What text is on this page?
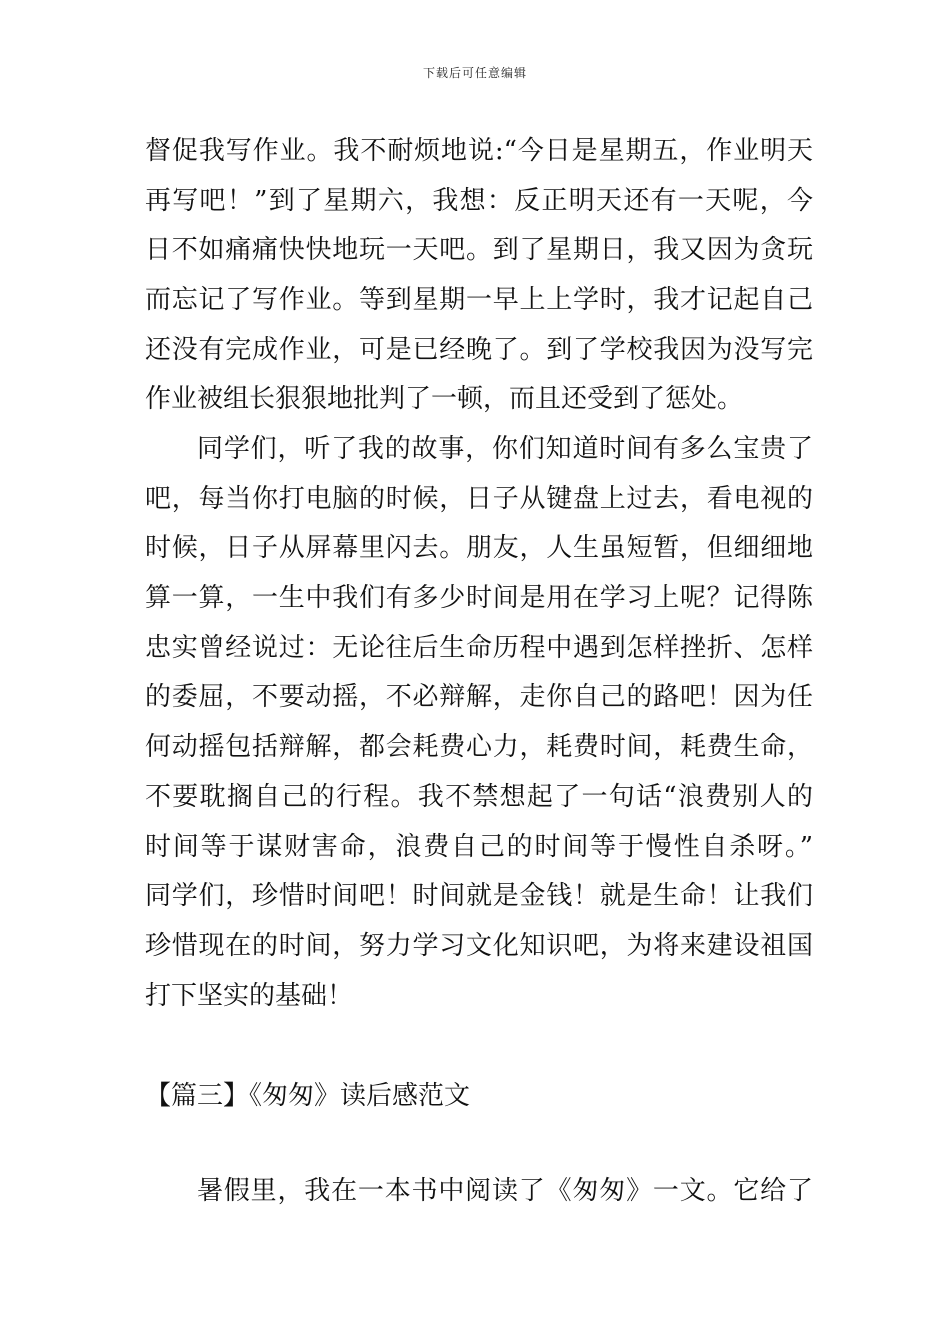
下载后可任意编辑
督促我写作业。我不耐烦地说:“今日是星期五，作业明天
再写吧！”到了星期六，我想：反正明天还有一天呢，今
日不如痛痛快快地玩一天吧。到了星期日，我又因为贪玩
而忘记了写作业。等到星期一早上上学时，我才记起自己
还没有完成作业，可是已经晚了。到了学校我因为没写完
作业被组长狠狠地批判了一顿，而且还受到了惩处。
同学们，听了我的故事，你们知道时间有多么宝贵了
吧，每当你打电脑的时候，日子从键盘上过去，看电视的
时候，日子从屏幕里闪去。朋友，人生虽短暂，但细细地
算一算，一生中我们有多少时间是用在学习上呢？记得陈
忠实曾经说过：无论往后生命历程中遇到怎样挫折、怎样
的委屈，不要动摇，不必辩解，走你自己的路吧！因为任
何动摇包括辩解，都会耗费心力，耗费时间，耗费生命，
不要耽搁自己的行程。我不禁想起了一句话“浪费别人的
时间等于谋财害命，浪费自己的时间等于慢性自杀呀。”
同学们，珍惜时间吧！时间就是金钱！就是生命！让我们
珍惜现在的时间，努力学习文化知识吧，为将来建设祖国
打下坚实的基础！
【篇三】《匆匆》读后感范文
暑假里，我在一本书中阅读了《匆匆》一文。它给了
